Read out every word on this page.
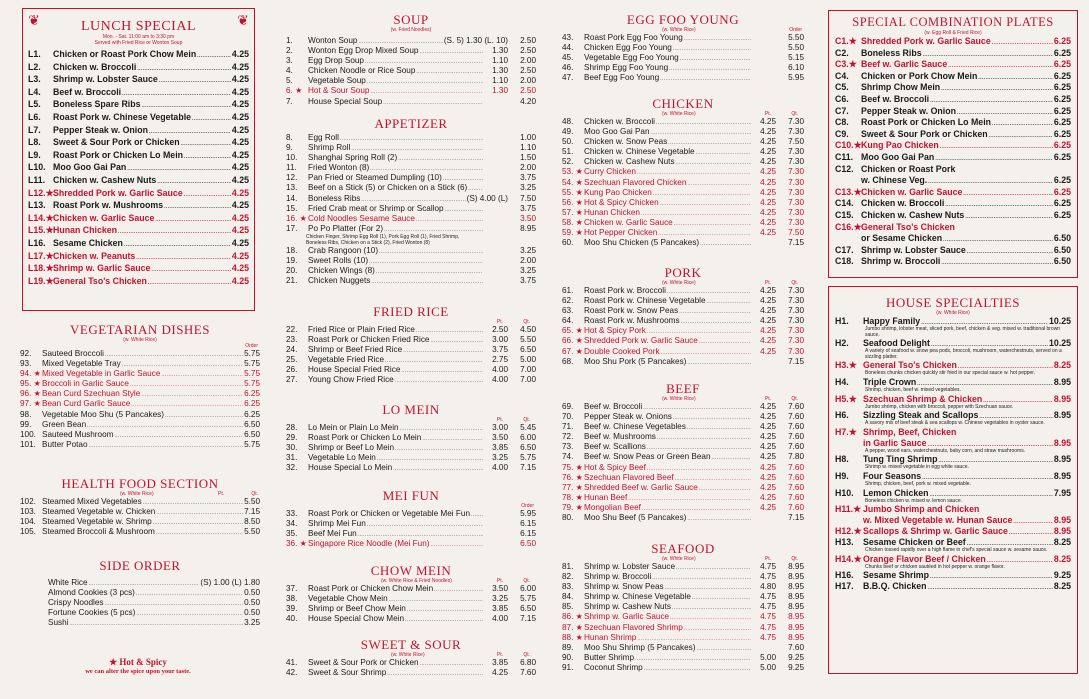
❦	❦
LUNCH SPECIAL
Mon. - Sat. 11:00 am to 3:30 pm
Served with Fried Rice or Wonton Soup
L1.	Chicken or Roast Pork Chow Mein . . .	4.25
L2.	Chicken w. Broccoli . . .	4.25
L3.	Shrimp w. Lobster Sauce . . .	4.25
L4.	Beef w. Broccoli . . .	4.25
L5.	Boneless Spare Ribs . . .	4.25
L6.	Roast Pork w. Chinese Vegetable . . .	4.25
L7.	Pepper Steak w. Onion . . .	4.25
L8.	Sweet & Sour Pork or Chicken . . .	4.25
L9.	Roast Pork or Chicken Lo Mein . . .	4.25
L10. Moo Goo Gai Pan . . .	4.25
L11. Chicken w. Cashew Nuts . . .	4.25
L12.★ Shredded Pork w. Garlic Sauce . . .	4.25
L13. Roast Pork w. Mushrooms . . .	4.25
L14.★ Chicken w. Garlic Sauce . . .	4.25
L15.★ Hunan Chicken . . .	4.25
L16. Sesame Chicken . . .	4.25
L17.★ Chicken w. Peanuts . . .	4.25
L18.★ Shrimp w. Garlic Sauce . . .	4.25
L19.★ General Tso's Chicken . . .	4.25
VEGETARIAN DISHES
(w. White Rice)
Order
92.	Sauteed Broccoli . . .	5.75
93.	Mixed Vegetable Tray . . .	5.75
94. ★ Mixed Vegetable in Garlic Sauce . . .	5.75
95. ★ Broccoli in Garlic Sauce . . .	5.75
96. ★ Bean Curd Szechuan Style . . .	6.25
97. ★ Bean Curd Garlic Sauce . . .	6.25
98.	Vegetable Moo Shu (5 Pancakes) . . .	6.25
99.	Green Bean . . .	6.50
100. Sauteed Mushroom . . .	6.50
101. Butter Potao . . .	5.75
HEALTH FOOD SECTION
(w. White Rice)	Pt.	Qt.
102. Steamed Mixed Vegetables . . .	5.50
103. Steamed Vegetable w. Chicken . . .	7.15
104. Steamed Vegetable w. Shrimp . . .	8.50
105. Steamed Broccoli & Mushroom . . .	5.50
SIDE ORDER
White Rice . . .	(S) 1.00 (L) 1.80
Almond Cookies (3 pcs) . . .	0.50
Crispy Noodles . . .	0.50
Fortune Cookies (5 pcs) . . .	0.50
Sushi . . .	3.25
★ Hot & Spicy
we can alter the spice upon your taste.
SOUP
(w. Fried Noodles)
1.	Wonton Soup . . .	(S. 5) 1.30 (L. 10)	2.50
2.	Wonton Egg Drop Mixed Soup . . .	1.30	2.50
3.	Egg Drop Soup . . .	1.10	2.00
4.	Chicken Noodle or Rice Soup . . .	1.30	2.50
5.	Vegetable Soup . . .	1.10	2.00
6. ★ Hot & Sour Soup . . .	1.30	2.50
7.	House Special Soup . . .	4.20
APPETIZER
8.	Egg Roll . . .	1.00
9.	Shrimp Roll . . .	1.10
10.	Shanghai Spring Roll (2) . . .	1.50
11.	Fried Wonton (8) . . .	2.00
12.	Pan Fried or Steamed Dumpling (10) . . .	3.75
13.	Beef on a Stick (5) or Chicken on a Stick (6) . . .	3.25
14.	Boneless Ribs . . .	(S) 4.00 (L)	7.50
15.	Fried Crab meat or Shrimp or Scallop . . .	3.75
16. ★ Cold Noodles Sesame Sauce . . .	3.50
17.	Po Po Platter (For 2) . . .	8.95
Chicken Finger, Shrimp Egg Roll (1), Pork Egg Roll (1), Fried Shrimp, Boneless Ribs, Chicken on a Stick (2), Fried Wonton (8)
18.	Crab Rangoon (10) . . .	3.25
19.	Sweet Rolls (10) . . .	2.00
20.	Chicken Wings (8) . . .	3.25
21.	Chicken Nuggets . . .	3.75
FRIED RICE
Pt.	Qt.
22.	Fried Rice or Plain Fried Rice . . .	2.50	4.50
23.	Roast Pork or Chicken Fried Rice . . .	3.00	5.50
24.	Shrimp or Beef Fried Rice . . .	3.75	6.50
25.	Vegetable Fried Rice . . .	2.75	5.00
26.	House Special Fried Rice . . .	4.00	7.00
27.	Young Chow Fried Rice . . .	4.00	7.00
LO MEIN
Pt.	Qt.
28.	Lo Mein or Plain Lo Mein . . .	3.00	5.45
29.	Roast Pork or Chicken Lo Mein . . .	3.50	6.00
30.	Shrimp or Beef Lo Mein . . .	3.85	6.50
31.	Vegetable Lo Mein . . .	3.25	5.75
32.	House Special Lo Mein . . .	4.00	7.15
MEI FUN
Order
33.	Roast Pork or Chicken or Vegetable Mei Fun . . .	5.95
34.	Shrimp Mei Fun . . .	6.15
35.	Beef Mei Fun . . .	6.15
36. ★ Singapore Rice Noodle (Mei Fun) . . .	6.50
CHOW MEIN
(w. White Rice & Fried Noodles)	Pt.	Qt.
37.	Roast Pork or Chicken Chow Mein . . .	3.50	6.00
38.	Vegetable Chow Mein . . .	3.25	5.75
39.	Shrimp or Beef Chow Mein . . .	3.85	6.50
40.	House Special Chow Mein . . .	4.00	7.15
SWEET & SOUR
(w. White Rice)	Pt.	Qt.
41.	Sweet & Sour Pork or Chicken . . .	3.85	6.80
42.	Sweet & Sour Shrimp . . .	4.25	7.60
EGG FOO YOUNG
(w. White Rice)	Order
43.	Roast Pork Egg Foo Young . . .	5.50
44.	Chicken Egg Foo Young . . .	5.50
45.	Vegetable Egg Foo Young . . .	5.15
46.	Shrimp Egg Foo Young . . .	6.10
47.	Beef Egg Foo Young . . .	5.95
CHICKEN
(w. White Rice)	Pt.	Qt.
48.	Chicken w. Broccoli . . .	4.25	7.30
49.	Moo Goo Gai Pan . . .	4.25	7.30
50.	Chicken w. Snow Peas . . .	4.25	7.50
51.	Chicken w. Chinese Vegetable . . .	4.25	7.30
52.	Chicken w. Cashew Nuts . . .	4.25	7.30
53. ★ Curry Chicken . . .	4.25	7.30
54. ★ Szechuan Flavored Chicken . . .	4.25	7.30
55. ★ Kung Pao Chicken . . .	4.25	7.30
56. ★ Hot & Spicy Chicken . . .	4.25	7.30
57. ★ Hunan Chicken . . .	4.25	7.30
58. ★ Chicken w. Garlic Sauce . . .	4.25	7.30
59. ★ Hot Pepper Chicken . . .	4.25	7.50
60.	Moo Shu Chicken (5 Pancakes) . . .	7.15
PORK
(w. White Rice)	Pt.	Qt.
61.	Roast Pork w. Broccoli . . .	4.25	7.30
62.	Roast Pork w. Chinese Vegetable . . .	4.25	7.30
63.	Roast Pork w. Snow Peas . . .	4.25	7.30
64.	Roast Pork w. Mushrooms . . .	4.25	7.30
65. ★ Hot & Spicy Pork . . .	4.25	7.30
66. ★ Shredded Pork w. Garlic Sauce . . .	4.25	7.30
67. ★ Double Cooked Pork . . .	4.25	7.30
68.	Moo Shu Pork (5 Pancakes) . . .	7.15
BEEF
(w. White Rice)	Pt.	Qt.
69.	Beef w. Broccoli . . .	4.25	7.60
70.	Pepper Steak w. Onions . . .	4.25	7.60
71.	Beef w. Chinese Vegetables . . .	4.25	7.60
72.	Beef w. Mushrooms . . .	4.25	7.60
73.	Beef w. Scallions . . .	4.25	7.60
74.	Beef w. Snow Peas or Green Bean . . .	4.25	7.80
75. ★ Hot & Spicy Beef . . .	4.25	7.60
76. ★ Szechuan Flavored Beef . . .	4.25	7.60
77. ★ Shredded Beef w. Garlic Sauce . . .	4.25	7.60
78. ★ Hunan Beef . . .	4.25	7.60
79. ★ Mongolian Beef . . .	4.25	7.60
80.	Moo Shu Beef (5 Pancakes) . . .	7.15
SEAFOOD
(w. White Rice)	Pt.	Qt.
81.	Shrimp w. Lobster Sauce . . .	4.75	8.95
82.	Shrimp w. Broccoli . . .	4.75	8.95
83.	Shrimp w. Snow Peas . . .	4.80	8.95
84.	Shrimp w. Chinese Vegetable . . .	4.75	8.95
85.	Shrimp w. Cashew Nuts . . .	4.75	8.95
86. ★ Shrimp w. Garlic Sauce . . .	4.75	8.95
87. ★ Szechuan Flavored Shrimp . . .	4.75	8.95
88. ★ Hunan Shrimp . . .	4.75	8.95
89.	Moo Shu Shrimp (5 Pancakes) . . .	7.60
90.	Butter Shrimp . . .	5.00	9.25
91.	Coconut Shrimp . . .	5.00	9.25
SPECIAL COMBINATION PLATES
(w. Egg Roll & Fried Rice)
C1.★ Shredded Pork w. Garlic Sauce . . .	6.25
C2.	Boneless Ribs . . .	6.25
C3.★ Beef w. Garlic Sauce . . .	6.25
C4.	Chicken or Pork Chow Mein . . .	6.25
C5.	Shrimp Chow Mein . . .	6.25
C6.	Beef w. Broccoli . . .	6.25
C7.	Pepper Steak w. Onion . . .	6.25
C8.	Roast Pork or Chicken Lo Mein . . .	6.25
C9.	Sweet & Sour Pork or Chicken . . .	6.25
C10.★ Kung Pao Chicken . . .	6.25
C11. Moo Goo Gai Pan . . .	6.25
C12. Chicken or Roast Pork
w. Chinese Veg. . . .	6.25
C13.★ Chicken w. Garlic Sauce . . .	6.25
C14. Chicken w. Broccoli . . .	6.25
C15. Chicken w. Cashew Nuts . . .	6.25
C16.★ General Tso's Chicken
or Sesame Chicken . . .	6.50
C17. Shrimp w. Lobster Sauce . . .	6.50
C18. Shrimp w. Broccoli . . .	6.50
HOUSE SPECIALTIES
(w. White Rice)
H1.	Happy Family . . .	10.25
Jumbo shrimp, lobster meat, sliced pork, beef, chicken & veg. mixed w. traditional brown sauce.
H2.	Seafood Delight . . .	10.25
A variety of seafood w. snow pea pods, broccoli, mushroom, waterchestnuts, served on a sizzling platter.
H3.★ General Tso's Chicken . . .	8.25
Boneless chunks chicken quickly stir fried in our special sauce w. hot pepper.
H4.	Triple Crown . . .	8.95
Shrimp, chicken, beef w. mixed vegetables.
H5.★ Szechuan Shrimp & Chicken . . .	8.95
Jumbo shrimp, chicken with broccoli, pepper with Szechuan sauce.
H6.	Sizzling Steak and Scallops . . .	8.95
A savory mix of beef steak & sea scallops w. Chinese vegetables in oyster sauce.
H7.★ Shrimp, Beef, Chicken
in Garlic Sauce . . .	8.95
A pepper, wood ears, waterchestnuts, baby corn, and straw mushrooms.
H8.	Tung Ting Shrimp . . .	8.95
Shrimp w. mixed vegetable in egg white sauce.
H9.	Four Seasons . . .	8.95
Shrimp, chicken, beef, pork w. mixed vegetable.
H10.	Lemon Chicken . . .	7.95
Boneless chicken w. mixed w. lemon sauce.
H11.★ Jumbo Shrimp and Chicken
w. Mixed Vegetable w. Hunan Sauce . . .	8.95
H12.★ Scallops & Shrimp w. Garlic Sauce . . .	8.95
H13.	Sesame Chicken or Beef . . .	8.25
Chicken tossed rapidly over a high flame in chef's special sauce w. sesame sauce.
H14.★ Orange Flavor Beef / Chicken . . .	8.25
Chunks beef or chicken sautéed in hot pepper w. orange flavor.
H16.	Sesame Shrimp . . .	9.25
H17.	B.B.Q. Chicken . . .	8.25
